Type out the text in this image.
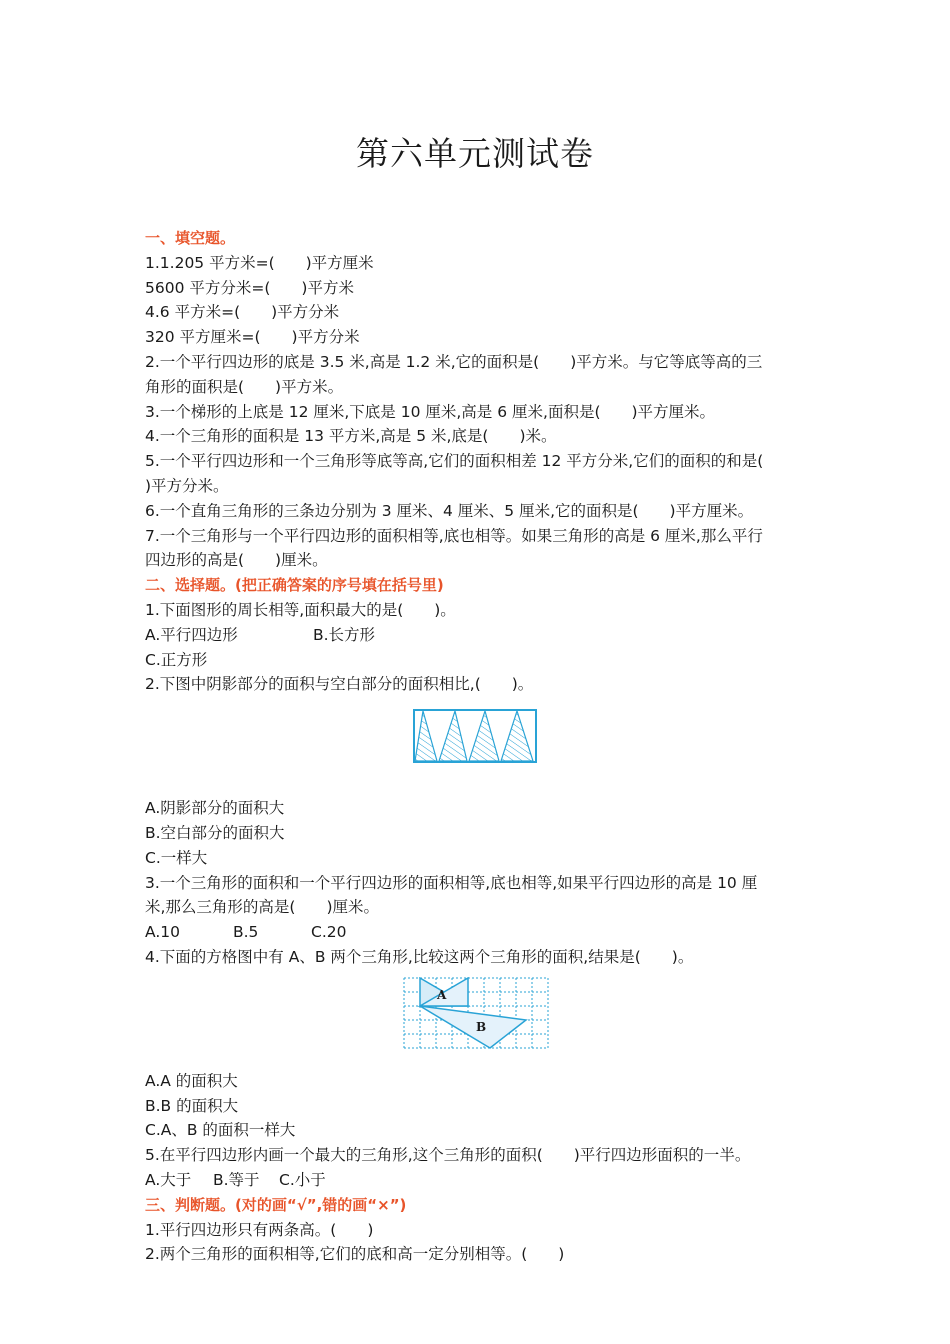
第六单元测试卷
一、填空题。
1.1.205 平方米=(　　)平方厘米
5600 平方分米=(　　)平方米
4.6 平方米=(　　)平方分米
320 平方厘米=(　　)平方分米
2.一个平行四边形的底是 3.5 米,高是 1.2 米,它的面积是(　　)平方米。与它等底等高的三
角形的面积是(　　)平方米。
3.一个梯形的上底是 12 厘米,下底是 10 厘米,高是 6 厘米,面积是(　　)平方厘米。
4.一个三角形的面积是 13 平方米,高是 5 米,底是(　　)米。
5.一个平行四边形和一个三角形等底等高,它们的面积相差 12 平方分米,它们的面积的和是(
)平方分米。
6.一个直角三角形的三条边分别为 3 厘米、4 厘米、5 厘米,它的面积是(　　)平方厘米。
7.一个三角形与一个平行四边形的面积相等,底也相等。如果三角形的高是 6 厘米,那么平行
四边形的高是(　　)厘米。
二、选择题。(把正确答案的序号填在括号里)
1.下面图形的周长相等,面积最大的是(　　)。
A.平行四边形	B.长方形
C.正方形
2.下图中阴影部分的面积与空白部分的面积相比,(　　)。
A.阴影部分的面积大
B.空白部分的面积大
C.一样大
3.一个三角形的面积和一个平行四边形的面积相等,底也相等,如果平行四边形的高是 10 厘
米,那么三角形的高是(　　)厘米。
A.10	B.5	C.20
4.下面的方格图中有 A、B 两个三角形,比较这两个三角形的面积,结果是(　　)。
A
B
A.A 的面积大
B.B 的面积大
C.A、B 的面积一样大
5.在平行四边形内画一个最大的三角形,这个三角形的面积(　　)平行四边形面积的一半。
A.大于 B.等于 C.小于
三、判断题。(对的画“√”,错的画“×”)
1.平行四边形只有两条高。(　　)
2.两个三角形的面积相等,它们的底和高一定分别相等。(　　)
